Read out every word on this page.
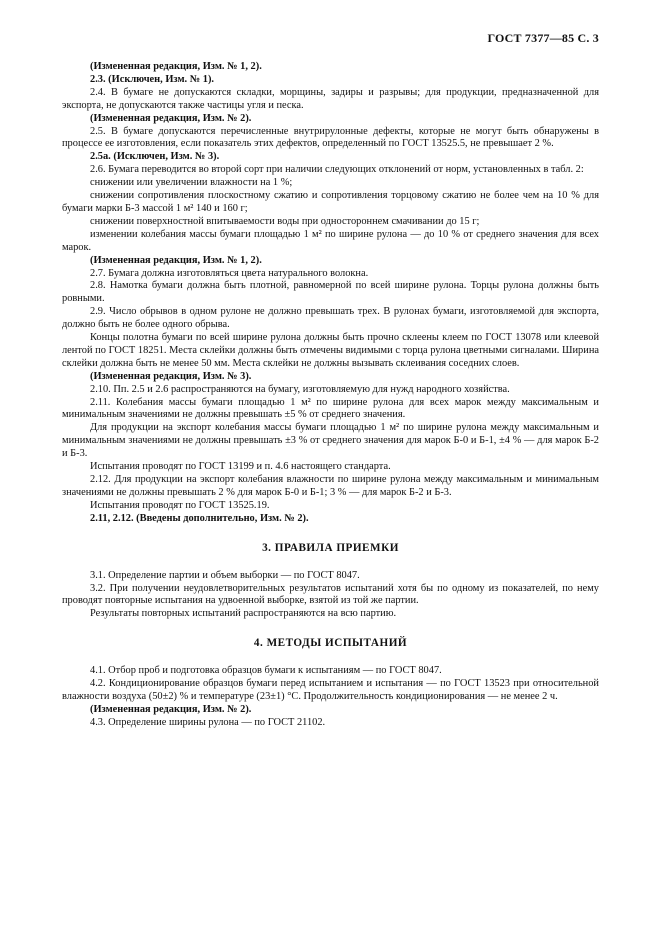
ГОСТ 7377—85 С. 3

(Измененная редакция, Изм. № 1, 2).

2.3. (Исключен, Изм. № 1).

2.4. В бумаге не допускаются складки, морщины, задиры и разрывы; для продукции, предназначенной для экспорта, не допускаются также частицы угля и песка.

(Измененная редакция, Изм. № 2).

2.5. В бумаге допускаются перечисленные внутрирулонные дефекты, которые не могут быть обнаружены в процессе ее изготовления, если показатель этих дефектов, определенный по ГОСТ 13525.5, не превышает 2 %.

2.5а. (Исключен, Изм. № 3).

2.6. Бумага переводится во второй сорт при наличии следующих отклонений от норм, установленных в табл. 2:

снижении или увеличении влажности на 1 %;

снижении сопротивления плоскостному сжатию и сопротивления торцовому сжатию не более чем на 10 % для бумаги марки Б-3 массой 1 м² 140 и 160 г;

снижении поверхностной впитываемости воды при одностороннем смачивании до 15 г;

изменении колебания массы бумаги площадью 1 м² по ширине рулона — до 10 % от среднего значения для всех марок.

(Измененная редакция, Изм. № 1, 2).

2.7. Бумага должна изготовляться цвета натурального волокна.

2.8. Намотка бумаги должна быть плотной, равномерной по всей ширине рулона. Торцы рулона должны быть ровными.

2.9. Число обрывов в одном рулоне не должно превышать трех. В рулонах бумаги, изготовляемой для экспорта, должно быть не более одного обрыва.

Концы полотна бумаги по всей ширине рулона должны быть прочно склеены клеем по ГОСТ 13078 или клеевой лентой по ГОСТ 18251. Места склейки должны быть отмечены видимыми с торца рулона цветными сигналами. Ширина склейки должна быть не менее 50 мм. Места склейки не должны вызывать склеивания соседних слоев.

(Измененная редакция, Изм. № 3).

2.10. Пп. 2.5 и 2.6 распространяются на бумагу, изготовляемую для нужд народного хозяйства.

2.11. Колебания массы бумаги площадью 1 м² по ширине рулона для всех марок между максимальным и минимальным значениями не должны превышать ±5 % от среднего значения.

Для продукции на экспорт колебания массы бумаги площадью 1 м² по ширине рулона между максимальным и минимальным значениями не должны превышать ±3 % от среднего значения для марок Б-0 и Б-1, ±4 % — для марок Б-2 и Б-3.

Испытания проводят по ГОСТ 13199 и п. 4.6 настоящего стандарта.

2.12. Для продукции на экспорт колебания влажности по ширине рулона между максимальным и минимальным значениями не должны превышать 2 % для марок Б-0 и Б-1; 3 % — для марок Б-2 и Б-3.

Испытания проводят по ГОСТ 13525.19.

2.11, 2.12. (Введены дополнительно, Изм. № 2).

3. ПРАВИЛА ПРИЕМКИ

3.1. Определение партии и объем выборки — по ГОСТ 8047.

3.2. При получении неудовлетворительных результатов испытаний хотя бы по одному из показателей, по нему проводят повторные испытания на удвоенной выборке, взятой из той же партии.

Результаты повторных испытаний распространяются на всю партию.

4. МЕТОДЫ ИСПЫТАНИЙ

4.1. Отбор проб и подготовка образцов бумаги к испытаниям — по ГОСТ 8047.

4.2. Кондиционирование образцов бумаги перед испытанием и испытания — по ГОСТ 13523 при относительной влажности воздуха (50±2) % и температуре (23±1) °С. Продолжительность кондиционирования — не менее 2 ч.

(Измененная редакция, Изм. № 2).

4.3. Определение ширины рулона — по ГОСТ 21102.
